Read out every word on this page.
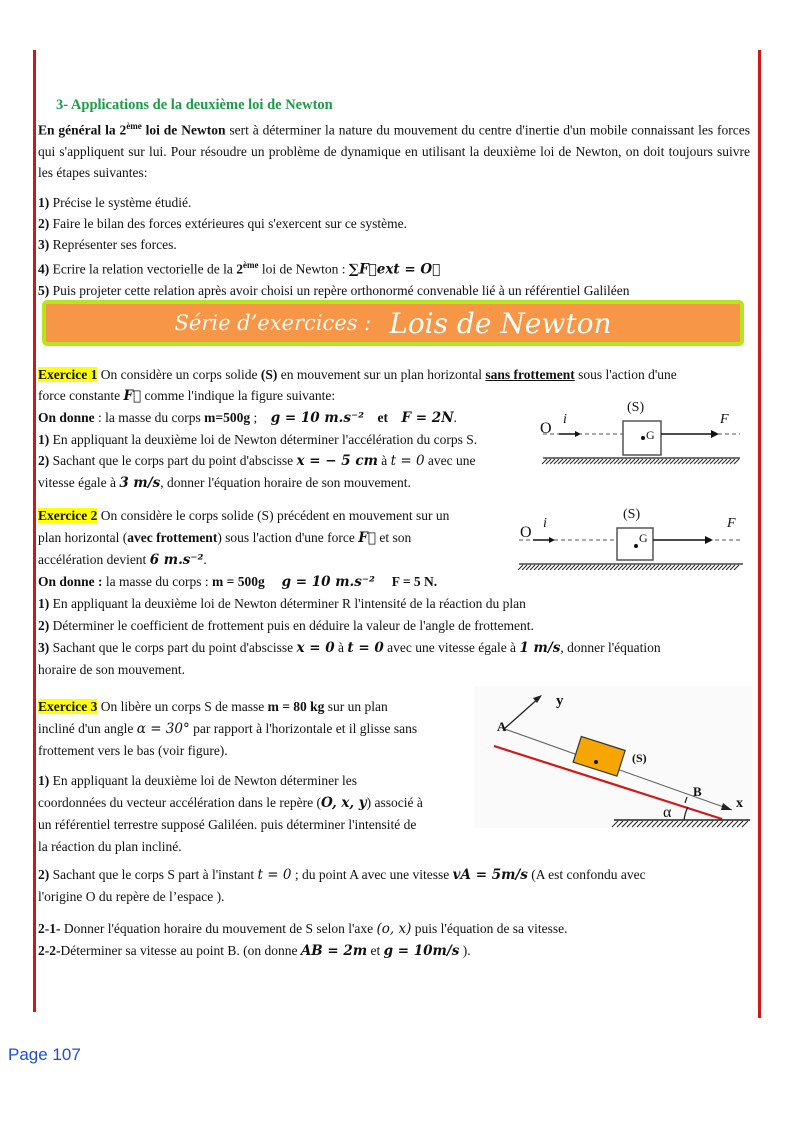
3- Applications de la deuxième loi de Newton
En général la 2ème loi de Newton sert à déterminer la nature du mouvement du centre d'inertie d'un mobile connaissant les forces qui s'appliquent sur lui. Pour résoudre un problème de dynamique en utilisant la deuxième loi de Newton, on doit toujours suivre les étapes suivantes:
1) Précise le système étudié.
2) Faire le bilan des forces extérieures qui s'exercent sur ce système.
3) Représenter ses forces.
4) Ecrire la relation vectorielle de la 2ème loi de Newton : ∑F⃗ext = O⃗
5) Puis projeter cette relation après avoir choisi un repère orthonormé convenable lié à un référentiel Galiléen
Série d’exercices : Lois de Newton
Exercice 1 On considère un corps solide (S) en mouvement sur un plan horizontal sans frottement sous l'action d'une
force constante F⃗ comme l'indique la figure suivante:
On donne : la masse du corps m=500g ;    g = 10 m.s⁻² et F = 2N.
1) En appliquant la deuxième loi de Newton déterminer l'accélération du corps S.
2) Sachant que le corps part du point d'abscisse x = − 5 cm à t = 0 avec une
vitesse égale à 3 m/s, donner l'équation horaire de son mouvement.
O
i⃗
(S)
G
F⃗
Exercice 2 On considère le corps solide (S) précédent en mouvement sur un
plan horizontal (avec frottement) sous l'action d'une force F⃗ et son
accélération devient 6 m.s⁻².
On donne : la masse du corps : m = 500g g = 10 m.s⁻² F = 5 N.
1) En appliquant la deuxième loi de Newton déterminer R l'intensité de la réaction du plan
2) Déterminer le coefficient de frottement puis en déduire la valeur de l'angle de frottement.
3) Sachant que le corps part du point d'abscisse x = 0 à t = 0 avec une vitesse égale à 1 m/s, donner l'équation
horaire de son mouvement.
O
i⃗
(S)
G
F⃗
Exercice 3 On libère un corps S de masse m = 80 kg sur un plan
incliné d'un angle α = 30° par rapport à l'horizontale et il glisse sans
frottement vers le bas (voir figure).
1) En appliquant la deuxième loi de Newton déterminer les
coordonnées du vecteur accélération dans le repère (O, x, y) associé à
un référentiel terrestre supposé Galiléen. puis déterminer l'intensité de
la réaction du plan incliné.
2) Sachant que le corps S part à l'instant t = 0 ; du point A avec une vitesse vA = 5m/s (A est confondu avec
l'origine O du repère de l’espace ).
2-1- Donner l'équation horaire du mouvement de S selon l'axe (o, x) puis l'équation de sa vitesse.
2-2-Déterminer sa vitesse au point B. (on donne AB = 2m et g = 10m/s ).
y
A
(S)
B
x
α
Page 107
